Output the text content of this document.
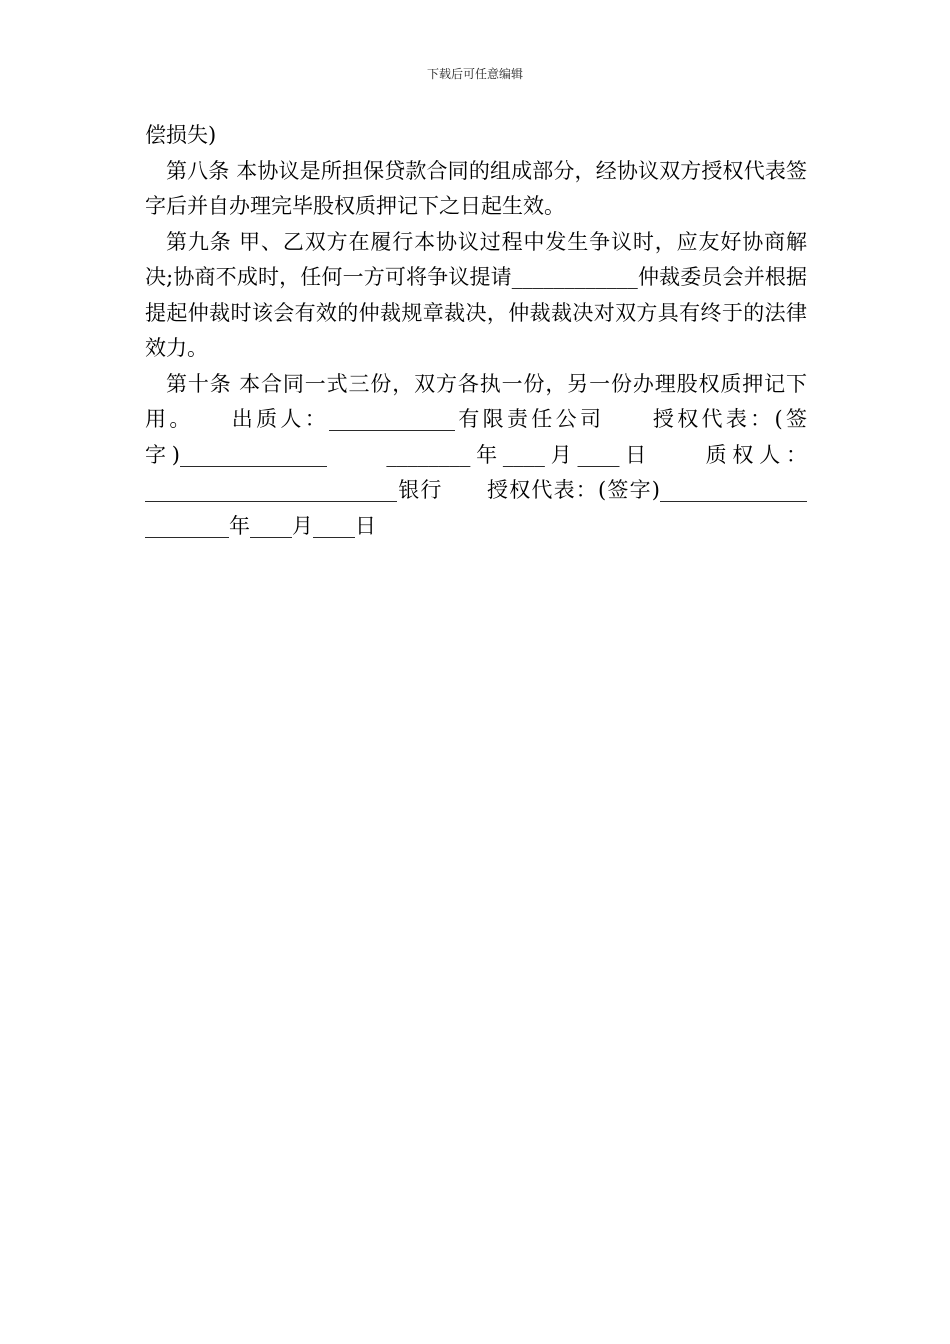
下载后可任意编辑

偿损失)

第八条 本协议是所担保贷款合同的组成部分，经协议双方授权代表签字后并自办理完毕股权质押记下之日起生效。

第九条 甲、乙双方在履行本协议过程中发生争议时，应友好协商解决;协商不成时，任何一方可将争议提请____________仲裁委员会并根据提起仲裁时该会有效的仲裁规章裁决，仲裁裁决对双方具有终于的法律效力。

第十条 本合同一式三份，双方各执一份，另一份办理股权质押记下用。　　出质人：____________有限责任公司　　授权代表：(签字)______________　　________年____月____日　　质权人：________________________银行　　授权代表：(签字)______________　　________年____月____日
